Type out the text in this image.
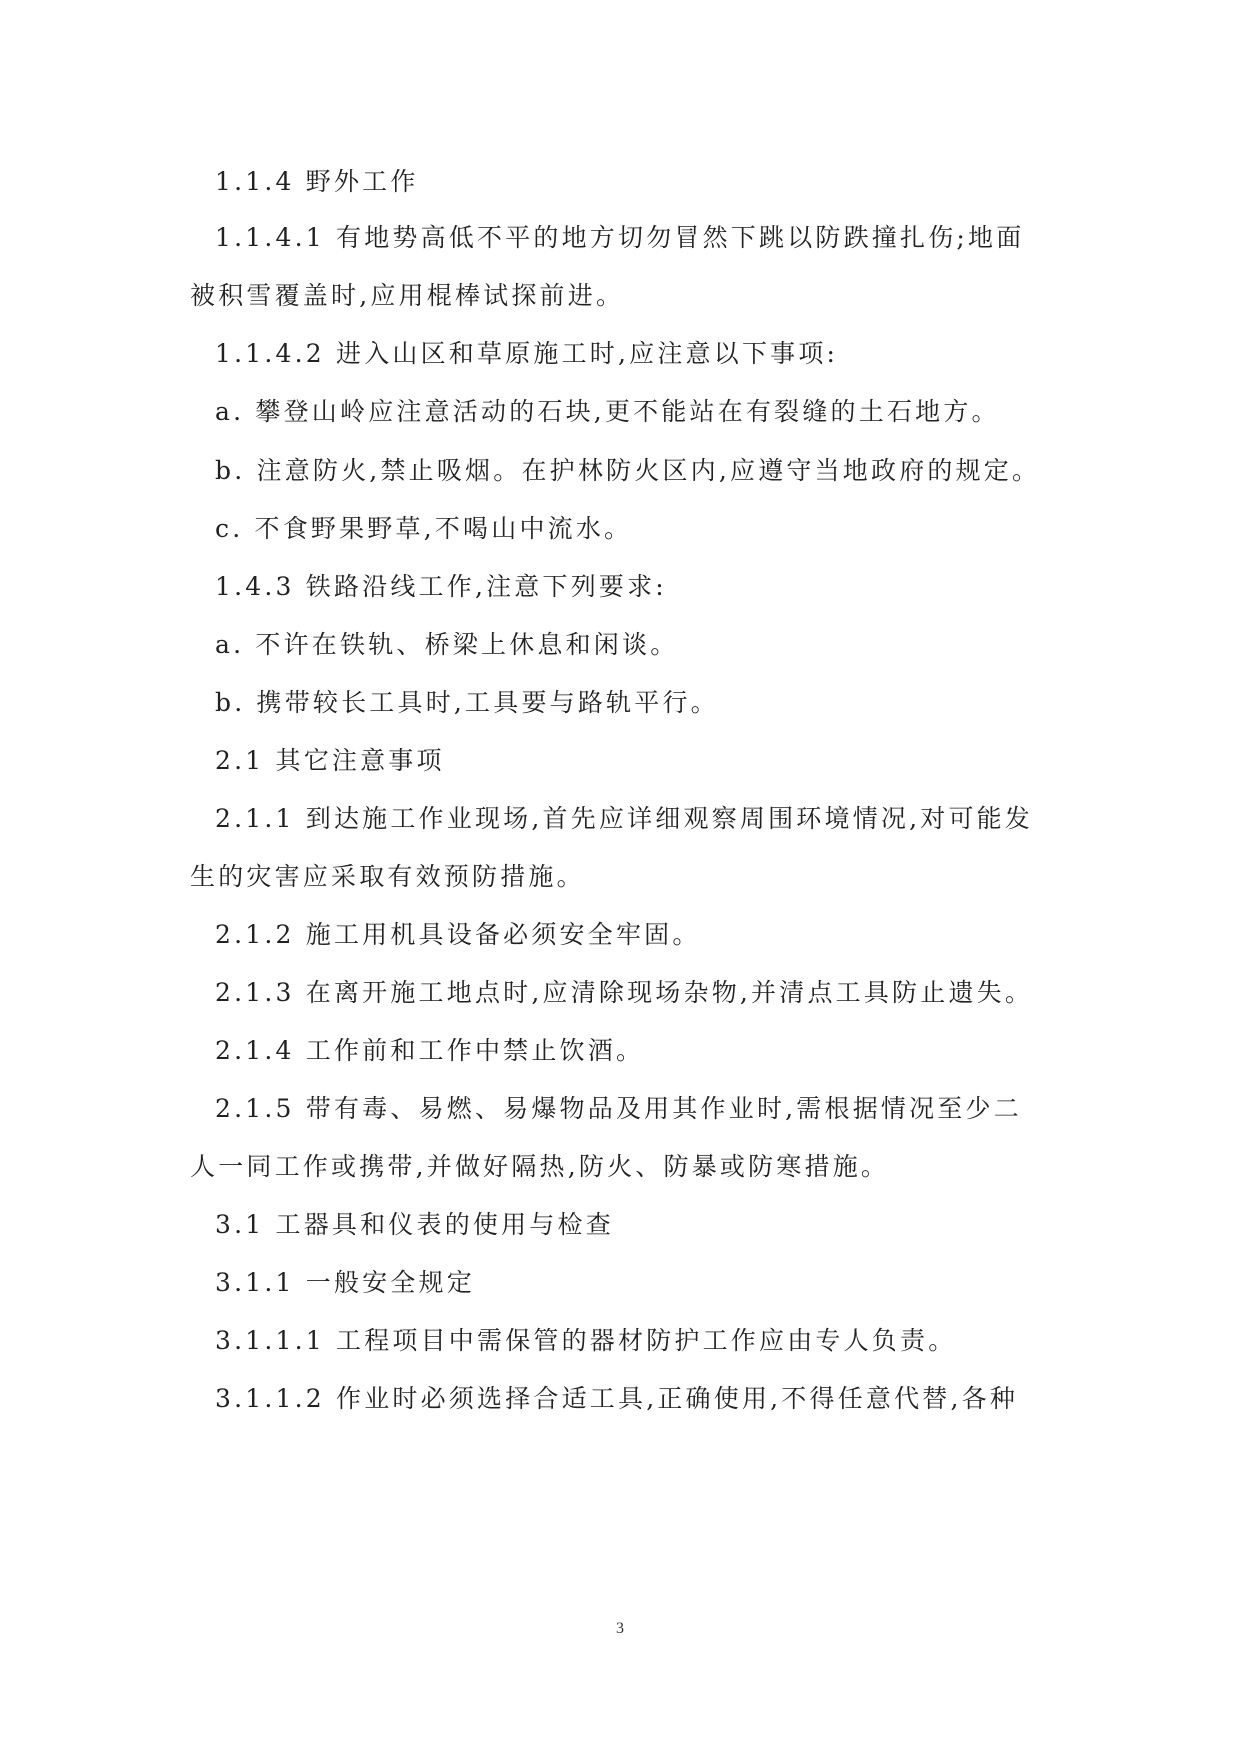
1.1.4 野外工作
1.1.4.1 有地势高低不平的地方切勿冒然下跳以防跌撞扎伤;地面
被积雪覆盖时,应用棍棒试探前进。
1.1.4.2 进入山区和草原施工时,应注意以下事项:
a. 攀登山岭应注意活动的石块,更不能站在有裂缝的土石地方。
b. 注意防火,禁止吸烟。在护林防火区内,应遵守当地政府的规定。
c. 不食野果野草,不喝山中流水。
1.4.3 铁路沿线工作,注意下列要求:
a. 不许在铁轨、桥梁上休息和闲谈。
b. 携带较长工具时,工具要与路轨平行。
2.1 其它注意事项
2.1.1 到达施工作业现场,首先应详细观察周围环境情况,对可能发
生的灾害应采取有效预防措施。
2.1.2 施工用机具设备必须安全牢固。
2.1.3 在离开施工地点时,应清除现场杂物,并清点工具防止遗失。
2.1.4 工作前和工作中禁止饮酒。
2.1.5 带有毒、易燃、易爆物品及用其作业时,需根据情况至少二
人一同工作或携带,并做好隔热,防火、防暴或防寒措施。
3.1 工器具和仪表的使用与检查
3.1.1 一般安全规定
3.1.1.1 工程项目中需保管的器材防护工作应由专人负责。
3.1.1.2 作业时必须选择合适工具,正确使用,不得任意代替,各种
3
